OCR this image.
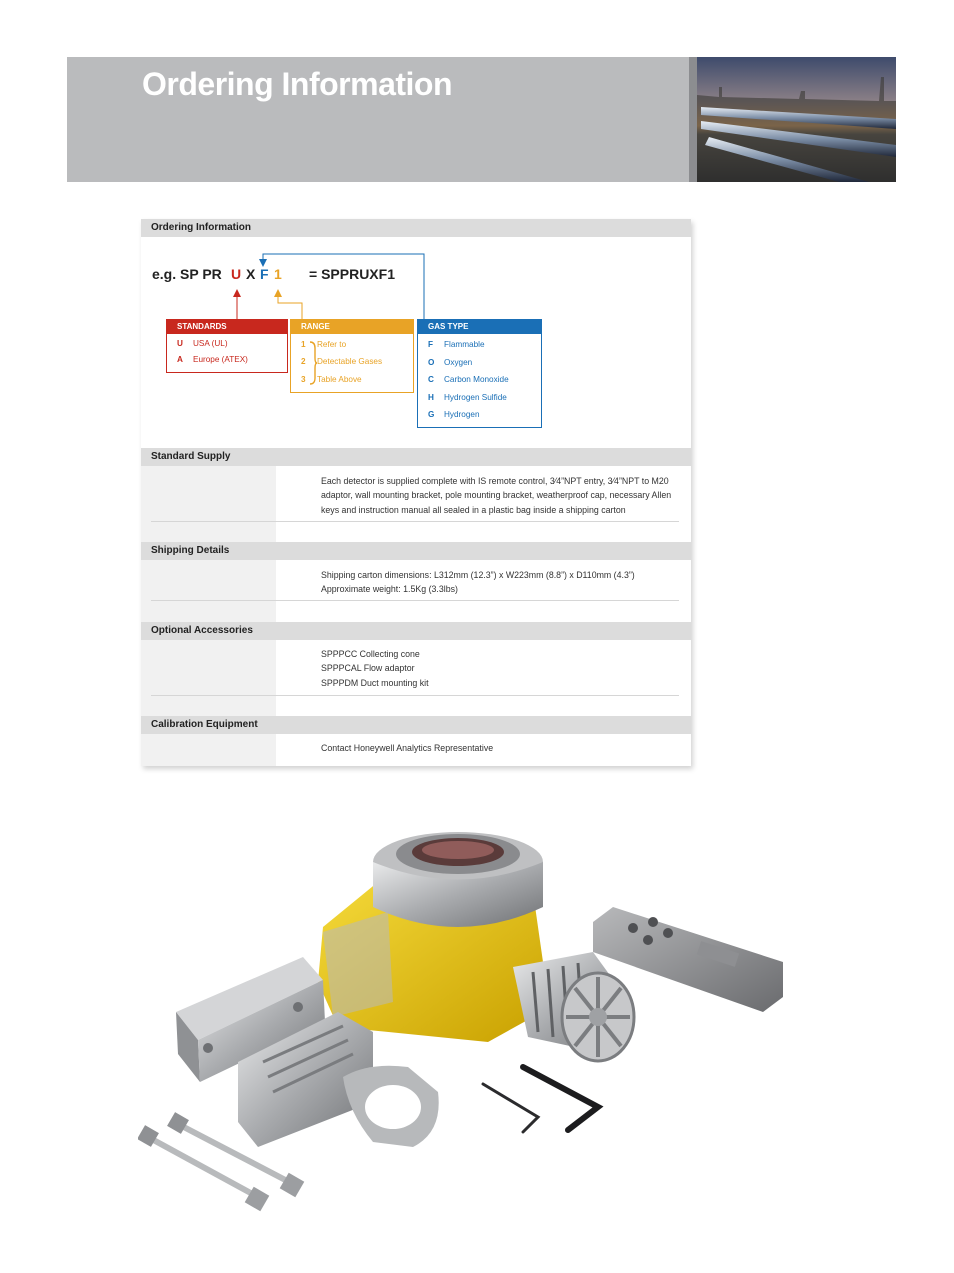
Ordering Information
Ordering Information
e.g. SP PR U X F 1 = SPPRUXF1
STANDARDS
U USA (UL)
A Europe (ATEX)
RANGE
1 Refer to
2 Detectable Gases
3 Table Above
GAS TYPE
F Flammable
O Oxygen
C Carbon Monoxide
H Hydrogen Sulfide
G Hydrogen
Standard Supply
Each detector is supplied complete with IS remote control, 3⁄4”NPT entry, 3⁄4”NPT to M20
adaptor, wall mounting bracket, pole mounting bracket, weatherproof cap, necessary Allen
keys and instruction manual all sealed in a plastic bag inside a shipping carton
Shipping Details
Shipping carton dimensions: L312mm (12.3”) x W223mm (8.8”) x D110mm (4.3”)
Approximate weight: 1.5Kg (3.3lbs)
Optional Accessories
SPPPCC Collecting cone
SPPPCAL Flow adaptor
SPPPDM Duct mounting kit
Calibration Equipment
Contact Honeywell Analytics Representative
